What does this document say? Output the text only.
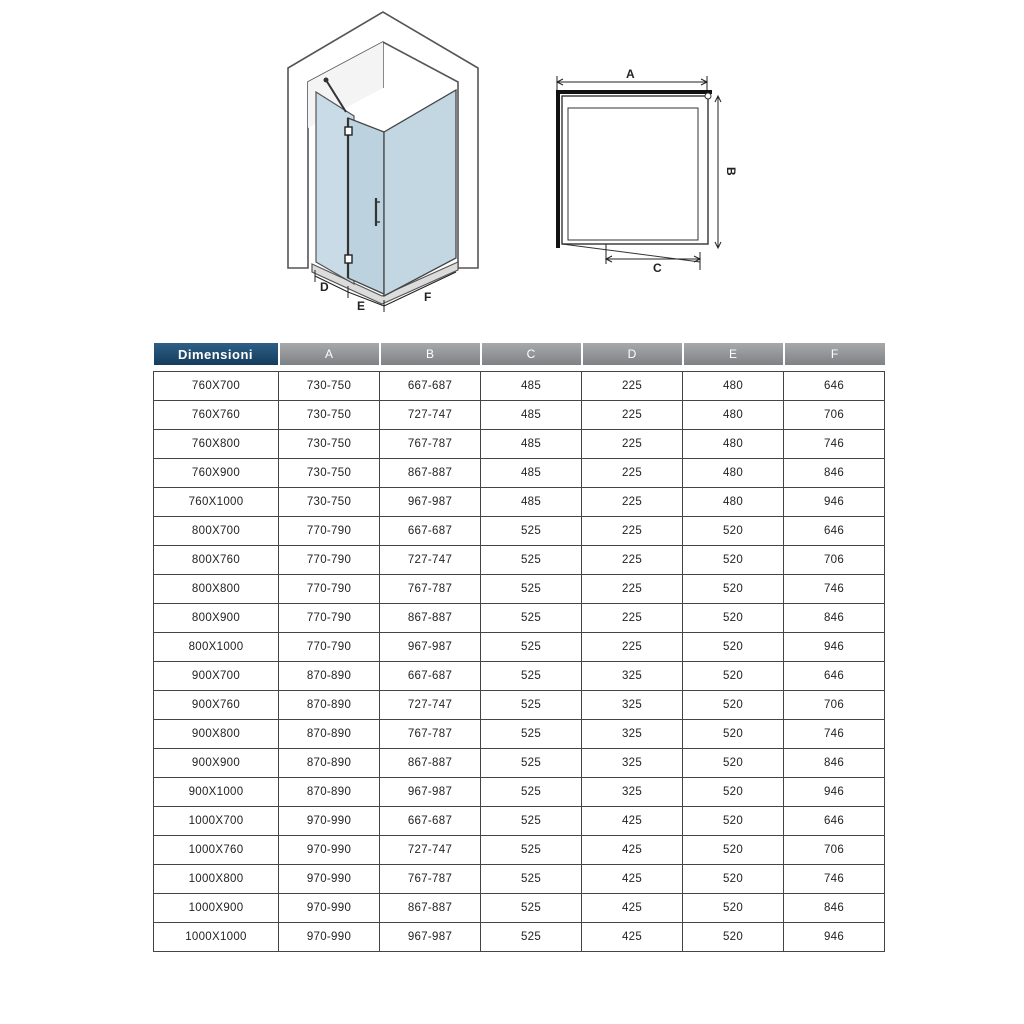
D
E
F
A
B
C
Dimensioni	A	B	C	D	E	F

760X700	730-750	667-687	485	225	480	646
760X760	730-750	727-747	485	225	480	706
760X800	730-750	767-787	485	225	480	746
760X900	730-750	867-887	485	225	480	846
760X1000	730-750	967-987	485	225	480	946
800X700	770-790	667-687	525	225	520	646
800X760	770-790	727-747	525	225	520	706
800X800	770-790	767-787	525	225	520	746
800X900	770-790	867-887	525	225	520	846
800X1000	770-790	967-987	525	225	520	946
900X700	870-890	667-687	525	325	520	646
900X760	870-890	727-747	525	325	520	706
900X800	870-890	767-787	525	325	520	746
900X900	870-890	867-887	525	325	520	846
900X1000	870-890	967-987	525	325	520	946
1000X700	970-990	667-687	525	425	520	646
1000X760	970-990	727-747	525	425	520	706
1000X800	970-990	767-787	525	425	520	746
1000X900	970-990	867-887	525	425	520	846
1000X1000	970-990	967-987	525	425	520	946
